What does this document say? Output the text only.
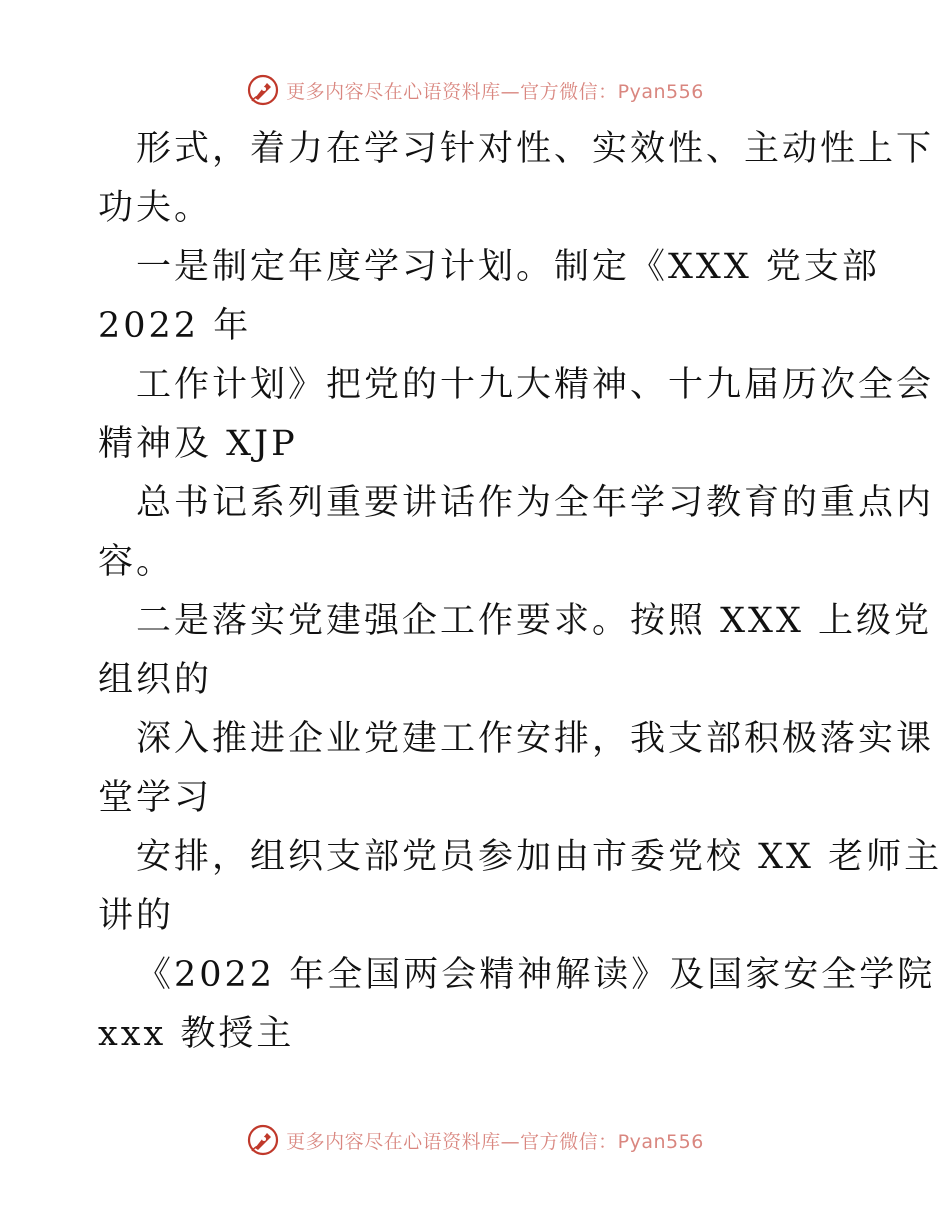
更多内容尽在心语资料库—官方微信：Pyan556
形式，着力在学习针对性、实效性、主动性上下
功夫。
一是制定年度学习计划。制定《XXX 党支部
2022 年
工作计划》把党的十九大精神、十九届历次全会
精神及 XJP
总书记系列重要讲话作为全年学习教育的重点内
容。
二是落实党建强企工作要求。按照 XXX 上级党
组织的
深入推进企业党建工作安排，我支部积极落实课
堂学习
安排，组织支部党员参加由市委党校 XX 老师主
讲的
《2022 年全国两会精神解读》及国家安全学院
xxx 教授主
更多内容尽在心语资料库—官方微信：Pyan556
